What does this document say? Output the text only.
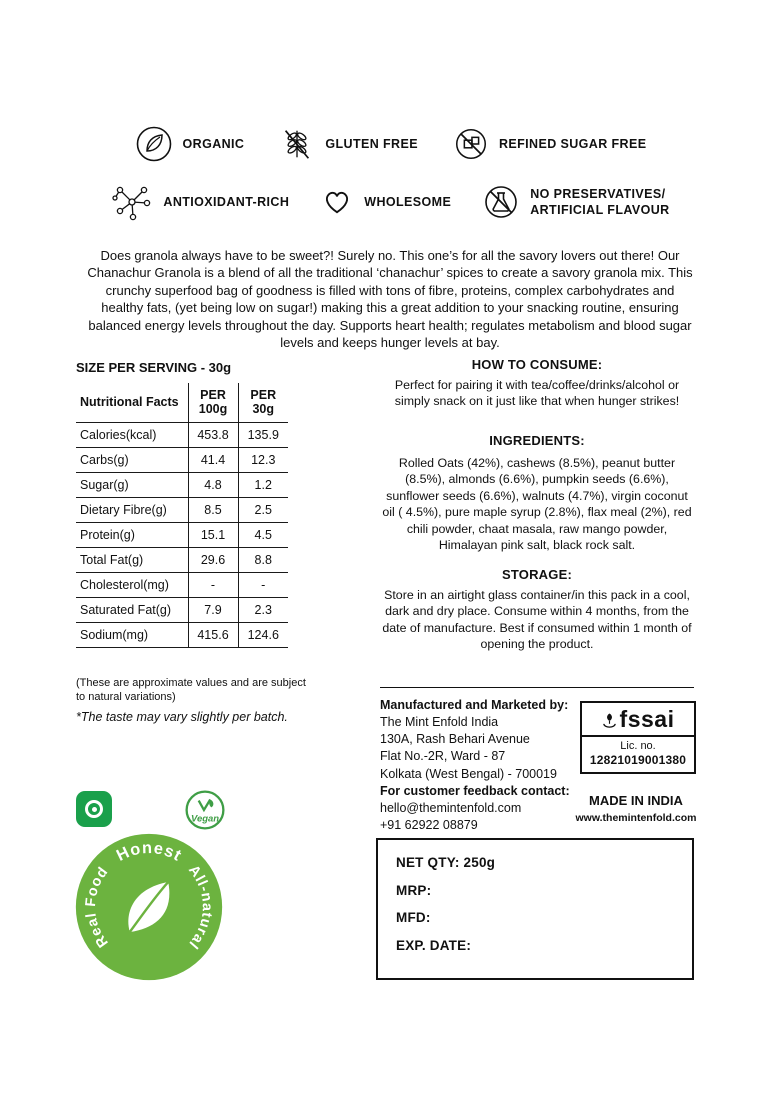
ORGANIC	GLUTEN FREE	REFINED SUGAR FREE
ANTIOXIDANT-RICH	WHOLESOME
NO PRESERVATIVES/
ARTIFICIAL FLAVOUR

Does granola always have to be sweet?! Surely no. This one’s for all the savory lovers out there! Our Chanachur Granola is a blend of all the traditional ‘chanachur’ spices to create a savory granola mix. This crunchy superfood bag of goodness is filled with tons of fibre, proteins, complex carbohydrates and healthy fats, (yet being low on sugar!) making this a great addition to your snacking routine, ensuring balanced energy levels throughout the day. Supports heart health; regulates metabolism and blood sugar levels and keeps hunger levels at bay.

SIZE PER SERVING - 30g
Nutritional Facts	PER 100g	PER 30g
Calories(kcal)	453.8	135.9
Carbs(g)	41.4	12.3
Sugar(g)	4.8	1.2
Dietary Fibre(g)	8.5	2.5
Protein(g)	15.1	4.5
Total Fat(g)	29.6	8.8
Cholesterol(mg)	-	-
Saturated Fat(g)	7.9	2.3
Sodium(mg)	415.6	124.6
(These are approximate values and are subject to natural variations)
*The taste may vary slightly per batch.
Vegan
Honest
All-natural
Real Food
HOW TO CONSUME:
Perfect for pairing it with tea/coffee/drinks/alcohol or simply snack on it just like that when hunger strikes!
INGREDIENTS:
Rolled Oats (42%), cashews (8.5%), peanut butter (8.5%), almonds (6.6%), pumpkin seeds (6.6%), sunflower seeds (6.6%), walnuts (4.7%), virgin coconut oil ( 4.5%), pure maple syrup (2.8%), flax meal (2%), red chili powder, chaat masala, raw mango powder, Himalayan pink salt, black rock salt.
STORAGE:
Store in an airtight glass container/in this pack in a cool, dark and dry place. Consume within 4 months, from the date of manufacture. Best if consumed within 1 month of opening the product.
Manufactured and Marketed by:
The Mint Enfold India
130A, Rash Behari Avenue
Flat No.-2R, Ward - 87
Kolkata (West Bengal) - 700019
fssai
Lic. no.
12821019001380
For customer feedback contact:
hello@themintenfold.com
+91 62922 08879
MADE IN INDIA
www.themintenfold.com
NET QTY: 250g
MRP:
MFD:
EXP. DATE:
